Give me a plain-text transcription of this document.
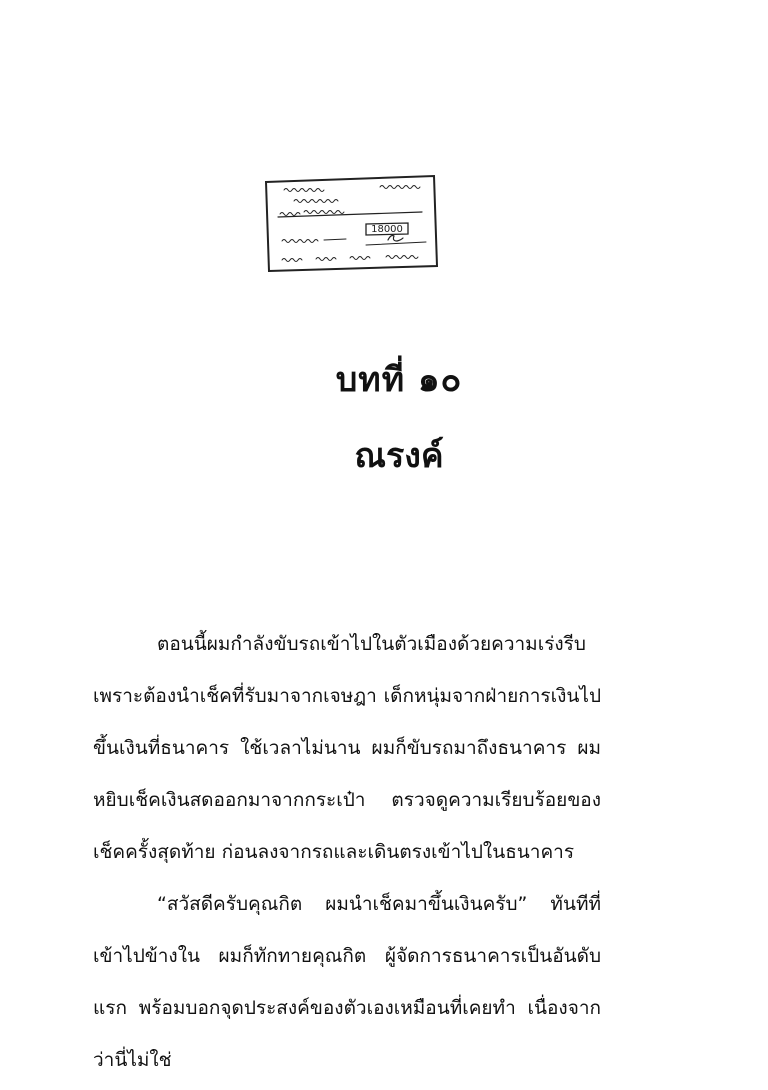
18000
บทที่ ๑๐
ณรงค์

ตอนนี้ผมกำลังขับรถเข้าไปในตัวเมืองด้วยความเร่งรีบเพราะต้องนำเช็คที่รับมาจากเจษฎา เด็กหนุ่มจากฝ่ายการเงินไปขึ้นเงินที่ธนาคาร ใช้เวลาไม่นาน ผมก็ขับรถมาถึงธนาคาร ผมหยิบเช็คเงินสดออกมาจากกระเป๋า ตรวจดูความเรียบร้อยของเช็คครั้งสุดท้าย ก่อนลงจากรถและเดินตรงเข้าไปในธนาคาร

“สวัสดีครับคุณกิต ผมนำเช็คมาขึ้นเงินครับ” ทันทีที่เข้าไปข้างใน ผมก็ทักทายคุณกิต ผู้จัดการธนาคารเป็นอันดับแรก พร้อมบอกจุดประสงค์ของตัวเองเหมือนที่เคยทำ เนื่องจากว่านี่ไม่ใช่
